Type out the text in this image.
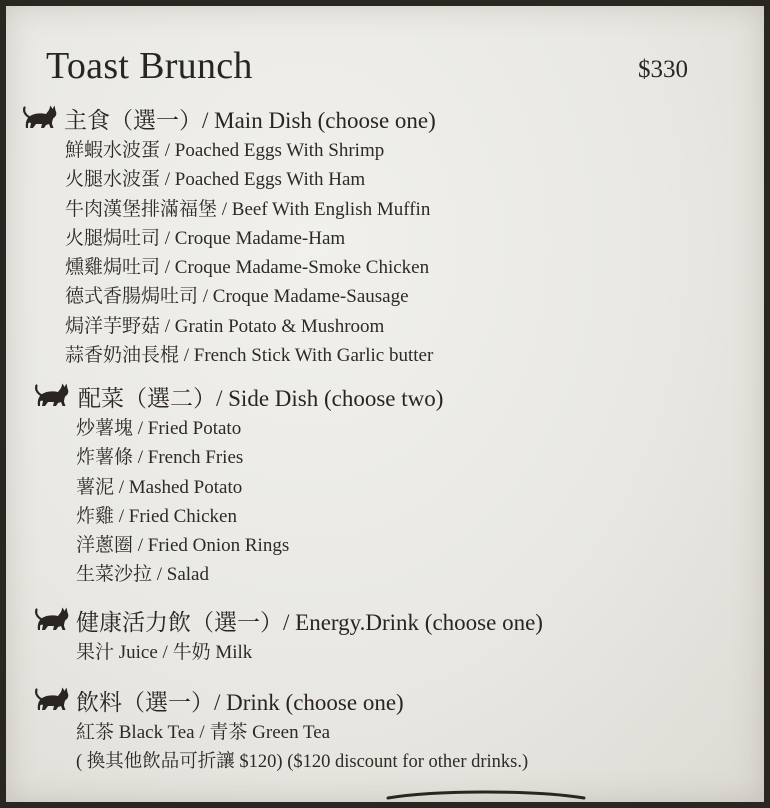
Toast Brunch	$330
主食（選一）/ Main Dish (choose one)
鮮蝦水波蛋 / Poached Eggs With Shrimp
火腿水波蛋 / Poached Eggs With Ham
牛肉漢堡排滿福堡 / Beef With English Muffin
火腿焗吐司 / Croque Madame-Ham
燻雞焗吐司 / Croque Madame-Smoke Chicken
德式香腸焗吐司 / Croque Madame-Sausage
焗洋芋野菇 / Gratin Potato & Mushroom
蒜香奶油長棍 / French Stick With Garlic butter
配菜（選二）/ Side Dish (choose two)
炒薯塊 / Fried Potato
炸薯條 / French Fries
薯泥 / Mashed Potato
炸雞 / Fried Chicken
洋蔥圈 / Fried Onion Rings
生菜沙拉 / Salad
健康活力飲（選一）/ Energy.Drink (choose one)
果汁 Juice / 牛奶 Milk
飲料（選一）/ Drink (choose one)
紅茶 Black Tea / 青茶 Green Tea
( 換其他飲品可折讓 $120) ($120 discount for other drinks.)
